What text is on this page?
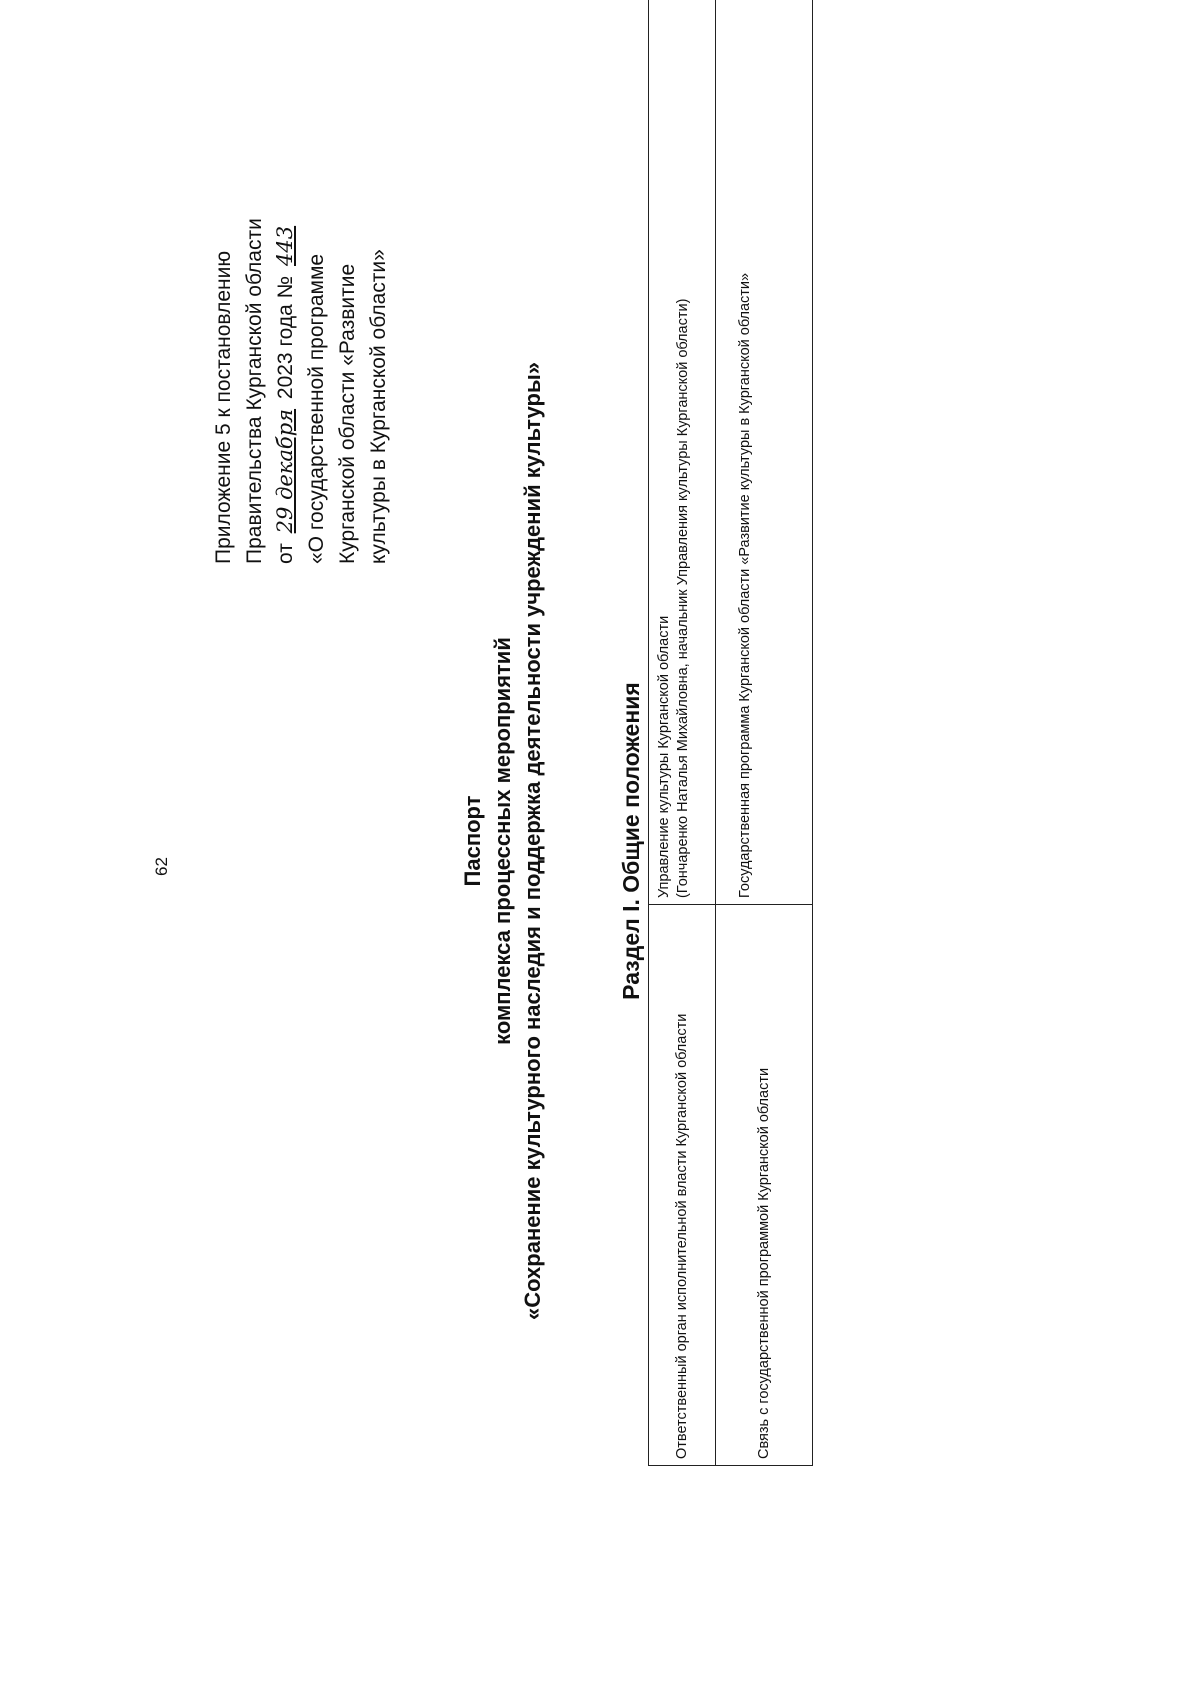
62
Приложение 5 к постановлению Правительства Курганской области от 29 декабря 2023 года № 443
«О государственной программе Курганской области «Развитие культуры в Курганской области»
Паспорт комплекса процессных мероприятий «Сохранение культурного наследия и поддержка деятельности учреждений культуры»	Раздел I. Общие положения
Ответственный орган исполнительной власти Курганской области	Управление культуры Курганской области (Гончаренко Наталья Михайловна, начальник Управления культуры Курганской области)

Связь с государственной программой Курганской области	Государственная программа Курганской области «Развитие культуры в Курганской области»
